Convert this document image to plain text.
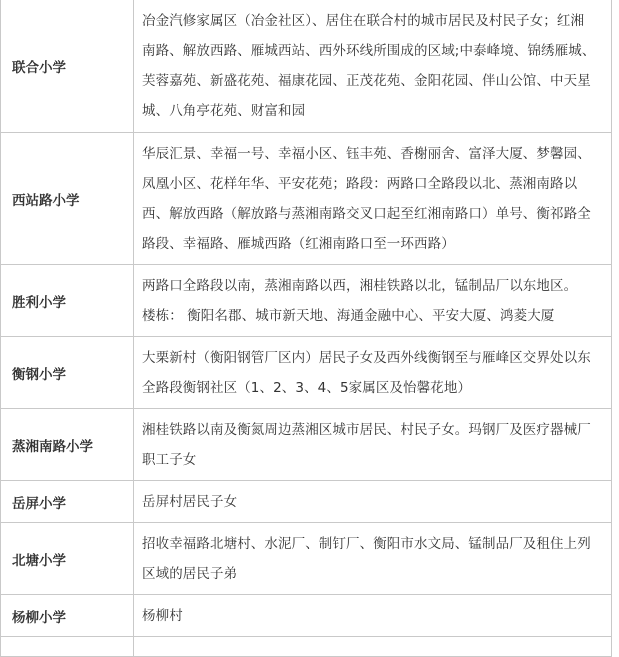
联合小学	冶金汽修家属区（冶金社区）、居住在联合村的城市居民及村民子女；红湘南路、解放西路、雁城西站、西外环线所围成的区域;中泰峰境、锦绣雁城、芙蓉嘉苑、新盛花苑、福康花园、正茂花苑、金阳花园、伴山公馆、中天星城、八角亭花苑、财富和园
西站路小学	华辰汇景、幸福一号、幸福小区、钰丰苑、香榭丽舍、富泽大厦、梦馨园、凤凰小区、花样年华、平安花苑；路段：两路口全路段以北、蒸湘南路以西、解放西路（解放路与蒸湘南路交叉口起至红湘南路口）单号、衡祁路全路段、幸福路、雁城西路（红湘南路口至一环西路）
胜利小学	两路口全路段以南，蒸湘南路以西，湘桂铁路以北，锰制品厂以东地区。
楼栋： 衡阳名郡、城市新天地、海通金融中心、平安大厦、鸿菱大厦

衡钢小学	大栗新村（衡阳钢管厂区内）居民子女及西外线衡钢至与雁峰区交界处以东全路段衡钢社区（1、2、3、4、5家属区及怡馨花地）
蒸湘南路小学	湘桂铁路以南及衡氮周边蒸湘区城市居民、村民子女。玛钢厂及医疗器械厂职工子女
岳屏小学	岳屏村居民子女
北塘小学	招收幸福路北塘村、水泥厂、制钉厂、衡阳市水文局、锰制品厂及租住上列区域的居民子弟
杨柳小学	杨柳村
